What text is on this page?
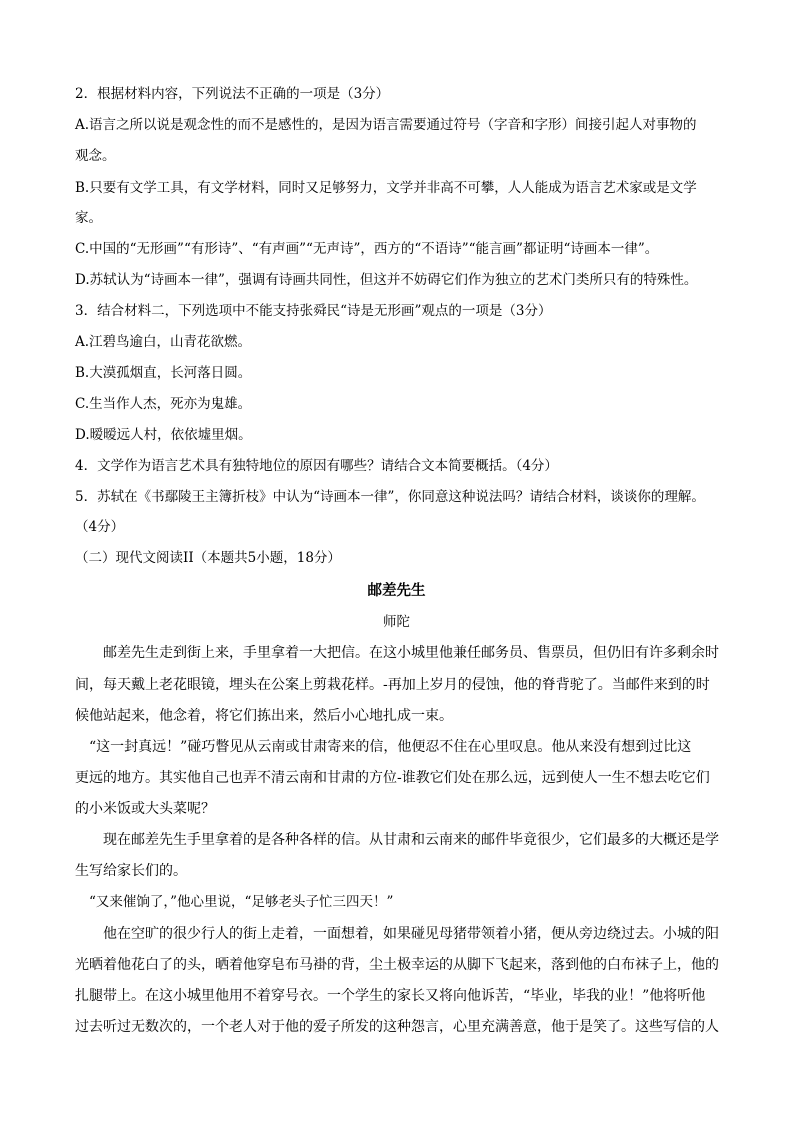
2．根据材料内容，下列说法不正确的一项是（3分）
A.语言之所以说是观念性的而不是感性的，是因为语言需要通过符号（字音和字形）间接引起人对事物的
观念。
B.只要有文学工具，有文学材料，同时又足够努力，文学并非高不可攀，人人能成为语言艺术家或是文学
家。
C.中国的“无形画”“有形诗”、“有声画”“无声诗”，西方的“不语诗”“能言画”都证明“诗画本一律”。
D.苏轼认为“诗画本一律”，强调有诗画共同性，但这并不妨碍它们作为独立的艺术门类所只有的特殊性。
3．结合材料二，下列选项中不能支持张舜民“诗是无形画”观点的一项是（3分）
A.江碧鸟逾白，山青花欲燃。
B.大漠孤烟直，长河落日圆。
C.生当作人杰，死亦为鬼雄。
D.暧暧远人村，依依墟里烟。
4．文学作为语言艺术具有独特地位的原因有哪些？请结合文本简要概括。（4分）
5．苏轼在《书鄢陵王主簿折枝》中认为“诗画本一律”，你同意这种说法吗？请结合材料，谈谈你的理解。
（4分）
（二）现代文阅读II（本题共5小题，18分）
邮差先生
师陀
邮差先生走到街上来，手里拿着一大把信。在这小城里他兼任邮务员、售票员，但仍旧有许多剩余时
间，每天戴上老花眼镜，埋头在公案上剪栽花样。-再加上岁月的侵蚀，他的脊背驼了。当邮件来到的时
候他站起来，他念着，将它们拣出来，然后小心地扎成一束。
“这一封真远！”碰巧瞥见从云南或甘肃寄来的信，他便忍不住在心里叹息。他从来没有想到过比这
更远的地方。其实他自己也弄不清云南和甘肃的方位-谁教它们处在那么远，远到使人一生不想去吃它们
的小米饭或大头菜呢？
现在邮差先生手里拿着的是各种各样的信。从甘肃和云南来的邮件毕竟很少，它们最多的大概还是学
生写给家长们的。
“又来催饷了，”他心里说，“足够老头子忙三四天！”
他在空旷的很少行人的街上走着，一面想着，如果碰见母猪带领着小猪，便从旁边绕过去。小城的阳
光晒着他花白了的头，晒着他穿皂布马褂的背，尘土极幸运的从脚下飞起来，落到他的白布袜子上，他的
扎腿带上。在这小城里他用不着穿号衣。一个学生的家长又将向他诉苦，“毕业，毕我的业！”他将听他
过去听过无数次的，一个老人对于他的爱子所发的这种怨言，心里充满善意，他于是笑了。这些写信的人
